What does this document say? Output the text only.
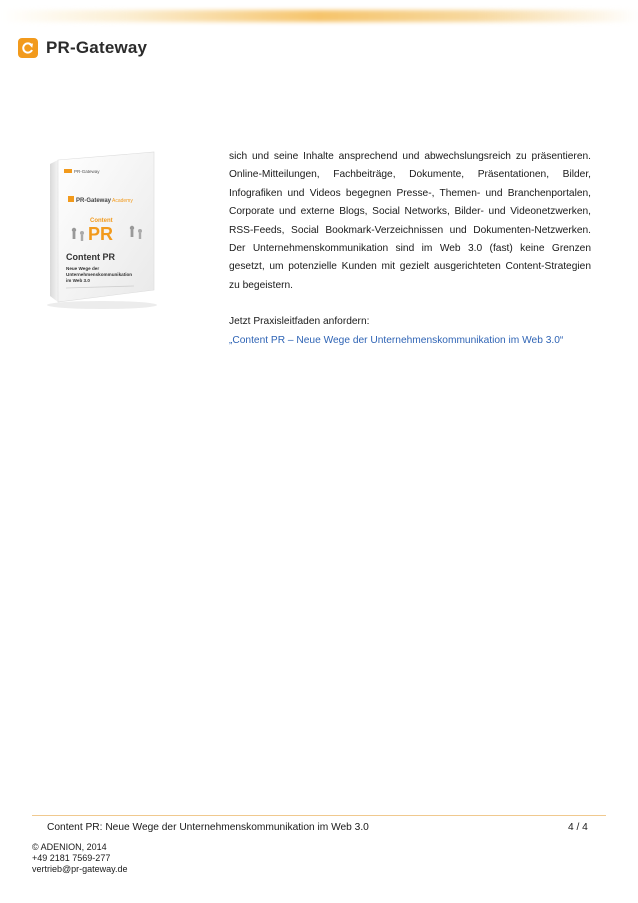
PR-Gateway
PR-Gateway
PR-Gateway Academy
Content
PR
Content PR
Neue Wege der
Unternehmenskommunikation
im Web 3.0

sich und seine Inhalte ansprechend und abwechslungsreich zu präsentieren. Online-Mitteilungen, Fachbeiträge, Dokumente, Präsentationen, Bilder, Infografiken und Videos begegnen Presse-, Themen- und Branchenportalen, Corporate und externe Blogs, Social Networks, Bilder- und Videonetzwerken, RSS-Feeds, Social Bookmark-Verzeichnissen und Dokumenten-Netzwerken. Der Unternehmenskommunikation sind im Web 3.0 (fast) keine Grenzen gesetzt, um potenzielle Kunden mit gezielt ausgerichteten Content-Strategien zu begeistern.

Jetzt Praxisleitfaden anfordern:

„Content PR – Neue Wege der Unternehmenskommunikation im Web 3.0“

Content PR: Neue Wege der Unternehmenskommunikation im Web 3.0	4 / 4
© ADENION, 2014
+49 2181 7569-277
vertrieb@pr-gateway.de
